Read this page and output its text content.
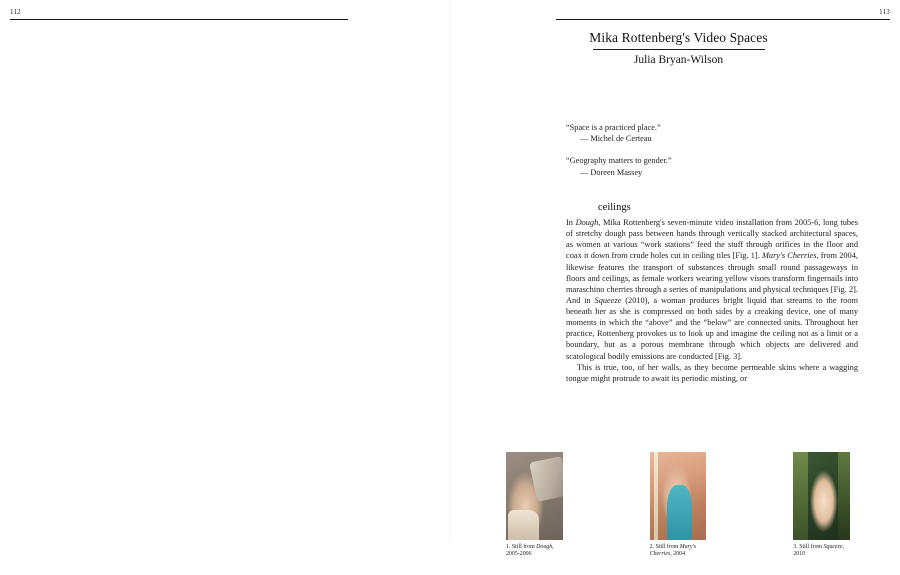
112	113
Mika Rottenberg's Video Spaces
Julia Bryan-Wilson
“Space is a practiced place.”
— Michel de Certeau
“Geography matters to gender.”
— Doreen Massey
ceilings

In Dough, Mika Rottenberg's seven-minute video installation from 2005-6, long tubes of stretchy dough pass between hands through vertically stacked architectural spaces, as women at various “work stations” feed the stuff through orifices in the floor and coax it down from crude holes cut in ceiling tiles [Fig. 1]. Mary's Cherries, from 2004, likewise features the transport of substances through small round passageways in floors and ceilings, as female workers wearing yellow visors transform fingernails into maraschino cherries through a series of manipulations and physical techniques [Fig. 2]. And in Squeeze (2010), a woman produces bright liquid that streams to the room beneath her as she is compressed on both sides by a creaking device, one of many moments in which the “above” and the “below” are connected units. Throughout her practice, Rottenberg provokes us to look up and imagine the ceiling not as a limit or a boundary, but as a porous membrane through which objects are delivered and scatological bodily emissions are conducted [Fig. 3].

This is true, too, of her walls, as they become permeable skins where a wagging tongue might protrude to await its periodic misting, or

1. Still from Dough, 2005-2006
2. Still from Mary's Cherries, 2004
3. Still from Squeeze, 2010
